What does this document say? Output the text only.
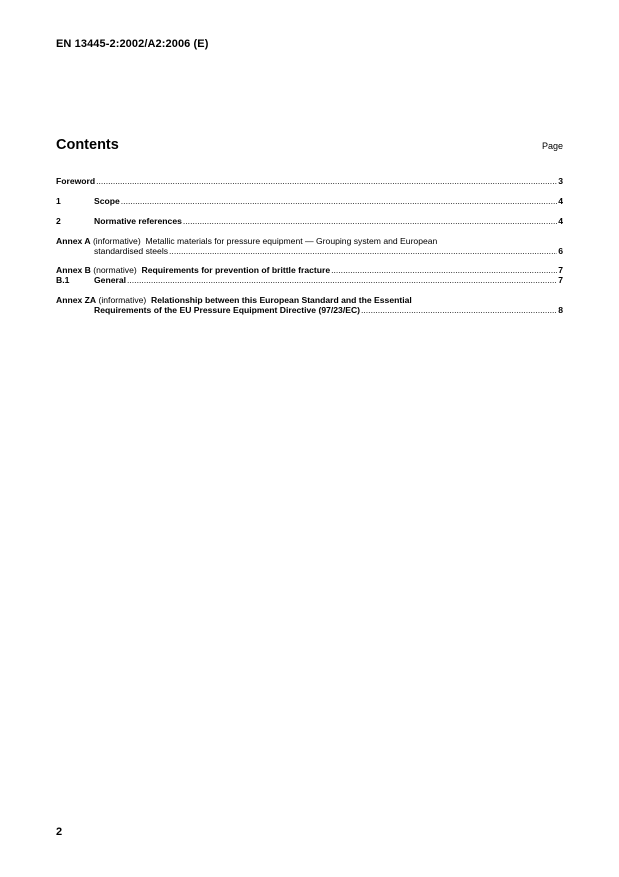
EN 13445-2:2002/A2:2006 (E)
Contents	Page
Foreword .....	3
1	Scope .....	4
2	Normative references .....	4
Annex A (informative) Metallic materials for pressure equipment — Grouping system and European
standardised steels .....	6
Annex B (normative) Requirements for prevention of brittle fracture .....	7
B.1	General .....	7
Annex ZA (informative) Relationship between this European Standard and the Essential
Requirements of the EU Pressure Equipment Directive (97/23/EC) .....	8
2
